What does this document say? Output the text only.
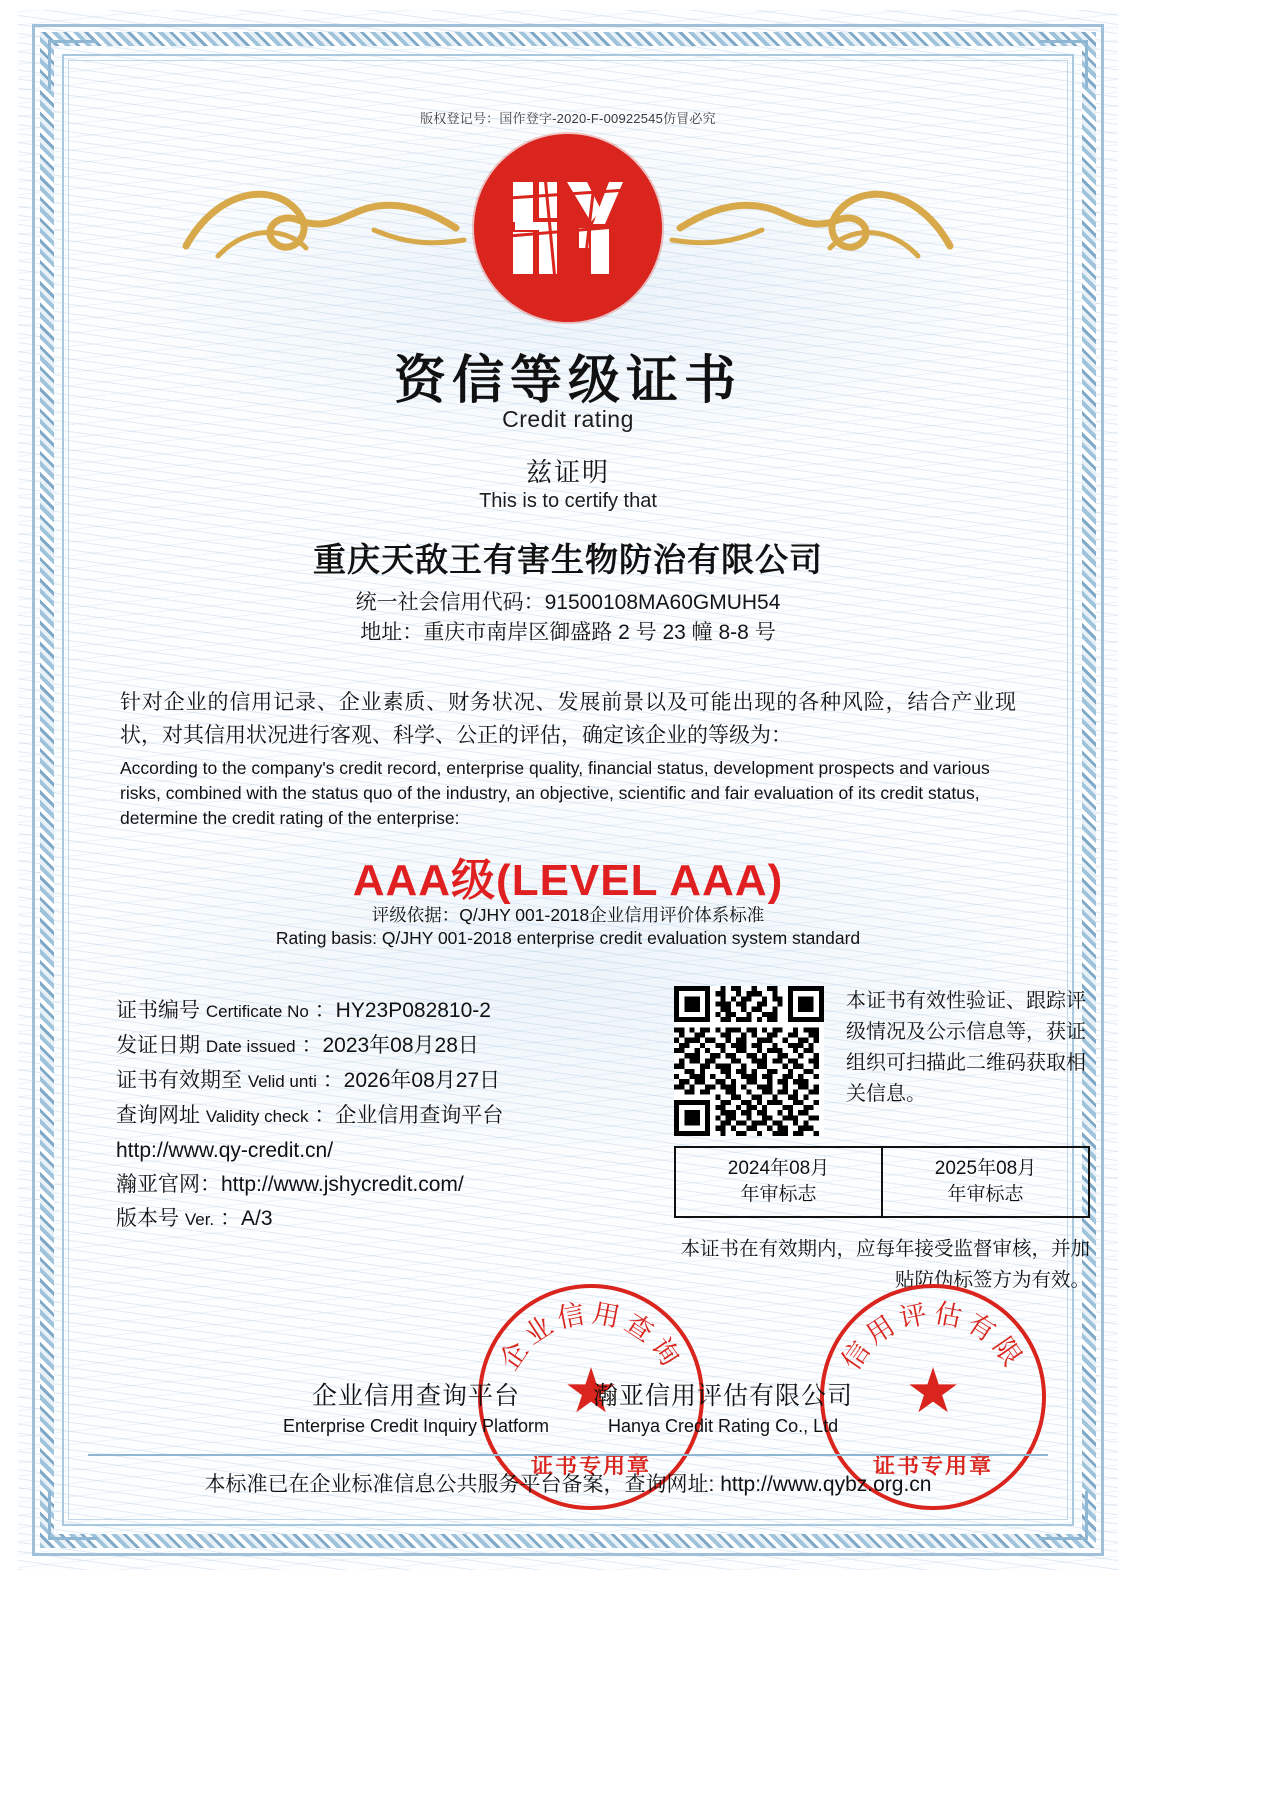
版权登记号：国作登字-2020-F-00922545仿冒必究
资信等级证书
Credit rating
兹证明
This is to certify that
重庆天敌王有害生物防治有限公司
统一社会信用代码：91500108MA60GMUH54
地址：重庆市南岸区御盛路 2 号 23 幢 8-8 号
针对企业的信用记录、企业素质、财务状况、发展前景以及可能出现的各种风险，结合产业现状，对其信用状况进行客观、科学、公正的评估，确定该企业的等级为：
According to the company's credit record, enterprise quality, financial status, development prospects and various risks, combined with the status quo of the industry, an objective, scientific and fair evaluation of its credit status, determine the credit rating of the enterprise:
AAA级(LEVEL AAA)
评级依据：Q/JHY 001-2018企业信用评价体系标准
Rating basis: Q/JHY 001-2018 enterprise credit evaluation system standard
证书编号 Certificate No ：HY23P082810-2
发证日期 Date issued ：2023年08月28日
证书有效期至 Velid unti ：2026年08月27日
查询网址 Validity check ：企业信用查询平台
http://www.qy-credit.cn/
瀚亚官网：http://www.jshycredit.com/
版本号 Ver. ：A/3
本证书有效性验证、跟踪评级情况及公示信息等，获证组织可扫描此二维码获取相关信息。
2024年08月
年审标志
2025年08月
年审标志
本证书在有效期内，应每年接受监督审核，并加贴防伪标签方为有效。
企业信用查询
★
证书专用章
信用评估有限
★
证书专用章
企业信用查询平台
Enterprise Credit Inquiry Platform
瀚亚信用评估有限公司
Hanya Credit Rating Co., Ltd
本标准已在企业标准信息公共服务平台备案，查询网址: http://www.qybz.org.cn
